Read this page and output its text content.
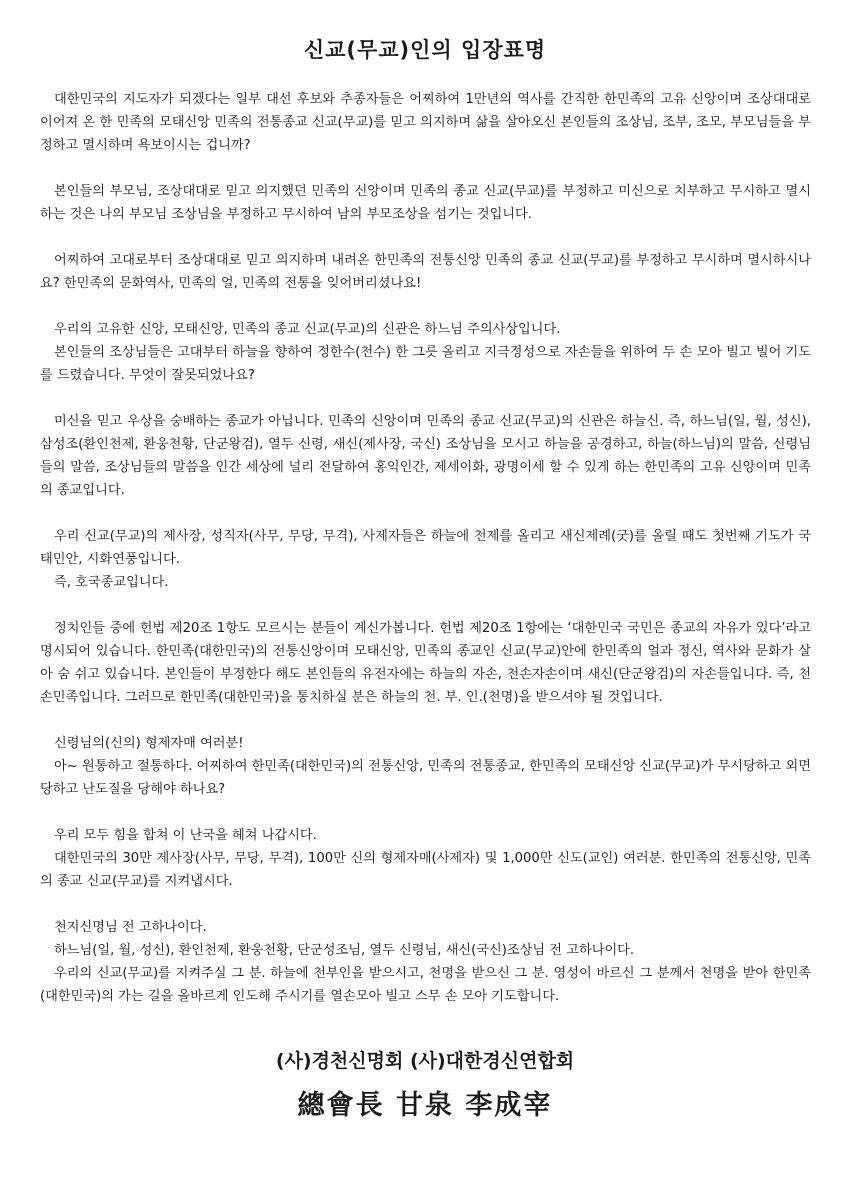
신교(무교)인의 입장표명

대한민국의 지도자가 되겠다는 일부 대선 후보와 추종자들은 어찌하여 1만년의 역사를 간직한 한민족의 고유 신앙이며 조상대대로 이어져 온 한 민족의 모태신앙 민족의 전통종교 신교(무교)를 믿고 의지하며 삶을 살아오신 본인들의 조상님, 조부, 조모, 부모님들을 부정하고 멸시하며 욕보이시는 겁니까?

본인들의 부모님, 조상대대로 믿고 의지했던 민족의 신앙이며 민족의 종교 신교(무교)를 부정하고 미신으로 치부하고 무시하고 멸시하는 것은 나의 부모님 조상님을 부정하고 무시하여 남의 부모조상을 섬기는 것입니다.

어찌하여 고대로부터 조상대대로 믿고 의지하며 내려온 한민족의 전통신앙 민족의 종교 신교(무교)를 부정하고 무시하며 멸시하시나요? 한민족의 문화역사, 민족의 얼, 민족의 전통을 잊어버리셨나요!

우리의 고유한 신앙, 모태신앙, 민족의 종교 신교(무교)의 신관은 하느님 주의사상입니다.

본인들의 조상님들은 고대부터 하늘을 향하여 정한수(천수) 한 그릇 올리고 지극정성으로 자손들을 위하여 두 손 모아 빌고 빌어 기도를 드렸습니다. 무엇이 잘못되었나요?

미신을 믿고 우상을 숭배하는 종교가 아닙니다. 민족의 신앙이며 민족의 종교 신교(무교)의 신관은 하늘신. 즉, 하느님(일, 월, 성신), 삼성조(환인천제, 환웅천황, 단군왕검), 열두 신령, 새신(제사장, 국신) 조상님을 모시고 하늘을 공경하고, 하늘(하느님)의 말씀, 신령님들의 말씀, 조상님들의 말씀을 인간 세상에 널리 전달하여 홍익인간, 제세이화, 광명이세 할 수 있게 하는 한민족의 고유 신앙이며 민족의 종교입니다.

우리 신교(무교)의 제사장, 성직자(사무, 무당, 무격), 사제자들은 하늘에 천제를 올리고 새신제례(굿)를 올릴 때도 첫번째 기도가 국태민안, 시화연풍입니다.

즉, 호국종교입니다.

정치인들 중에 헌법 제20조 1항도 모르시는 분들이 계신가봅니다. 헌법 제20조 1항에는 ‘대한민국 국민은 종교의 자유가 있다’라고 명시되어 있습니다. 한민족(대한민국)의 전통신앙이며 모태신앙, 민족의 종교인 신교(무교)안에 한민족의 얼과 정신, 역사와 문화가 살아 숨 쉬고 있습니다. 본인들이 부정한다 해도 본인들의 유전자에는 하늘의 자손, 천손자손이며 새신(단군왕검)의 자손들입니다. 즉, 천손민족입니다. 그러므로 한민족(대한민국)을 통치하실 분은 하늘의 천. 부. 인.(천명)을 받으셔야 될 것입니다.

신령님의(신의) 형제자매 여러분!

아~ 원통하고 절통하다. 어찌하여 한민족(대한민국)의 전통신앙, 민족의 전통종교, 한민족의 모태신앙 신교(무교)가 무시당하고 외면당하고 난도질을 당해야 하나요?

우리 모두 힘을 합쳐 이 난국을 헤쳐 나갑시다.

대한민국의 30만 제사장(사무, 무당, 무격), 100만 신의 형제자매(사제자) 및 1,000만 신도(교인) 여러분. 한민족의 전통신앙, 민족의 종교 신교(무교)를 지켜냅시다.

천지신명님 전 고하나이다.

하느님(일, 월, 성신), 환인천제, 환웅천황, 단군성조님, 열두 신령님, 새신(국신)조상님 전 고하나이다.

우리의 신교(무교)를 지켜주실 그 분. 하늘에 천부인을 받으시고, 천명을 받으신 그 분. 영성이 바르신 그 분께서 천명을 받아 한민족(대한민국)의 가는 길을 올바르게 인도해 주시기를 열손모아 빌고 스무 손 모아 기도합니다.

(사)경천신명회 (사)대한경신연합회

總會長 甘泉 李成宰
